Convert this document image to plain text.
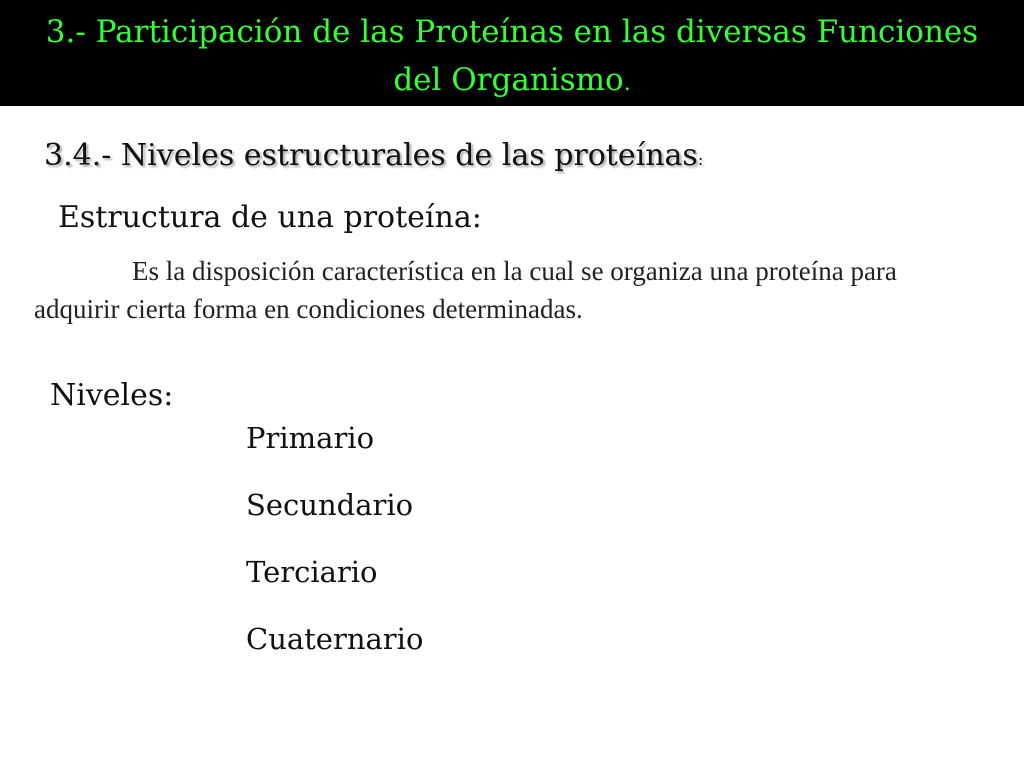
3.- Participación de las Proteínas en las diversas Funciones
del Organismo.
3.4.- Niveles estructurales de las proteínas:
Estructura de una proteína:

Es la disposición característica en la cual se organiza una proteína para adquirir cierta forma en condiciones determinadas.

Niveles:
Primario
Secundario
Terciario
Cuaternario
